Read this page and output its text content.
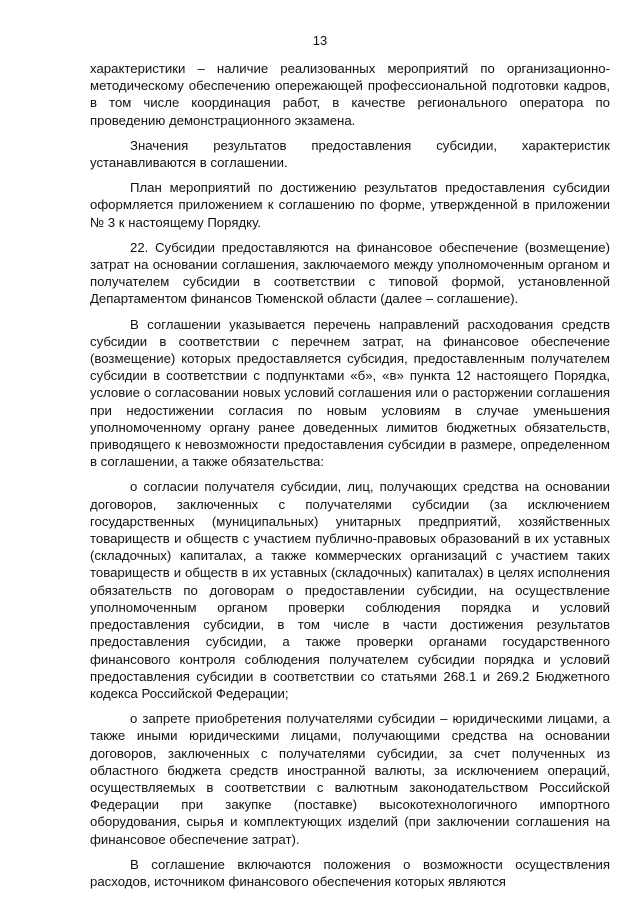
13

характеристики – наличие реализованных мероприятий по организационно-методическому обеспечению опережающей профессиональной подготовки кадров, в том числе координация работ, в качестве регионального оператора по проведению демонстрационного экзамена.

Значения результатов предоставления субсидии, характеристик устанавливаются в соглашении.

План мероприятий по достижению результатов предоставления субсидии оформляется приложением к соглашению по форме, утвержденной в приложении № 3 к настоящему Порядку.

22. Субсидии предоставляются на финансовое обеспечение (возмещение) затрат на основании соглашения, заключаемого между уполномоченным органом и получателем субсидии в соответствии с типовой формой, установленной Департаментом финансов Тюменской области (далее – соглашение).

В соглашении указывается перечень направлений расходования средств субсидии в соответствии с перечнем затрат, на финансовое обеспечение (возмещение) которых предоставляется субсидия, предоставленным получателем субсидии в соответствии с подпунктами «б», «в» пункта 12 настоящего Порядка, условие о согласовании новых условий соглашения или о расторжении соглашения при недостижении согласия по новым условиям в случае уменьшения уполномоченному органу ранее доведенных лимитов бюджетных обязательств, приводящего к невозможности предоставления субсидии в размере, определенном в соглашении, а также обязательства:

о согласии получателя субсидии, лиц, получающих средства на основании договоров, заключенных с получателями субсидии (за исключением государственных (муниципальных) унитарных предприятий, хозяйственных товариществ и обществ с участием публично-правовых образований в их уставных (складочных) капиталах, а также коммерческих организаций с участием таких товариществ и обществ в их уставных (складочных) капиталах) в целях исполнения обязательств по договорам о предоставлении субсидии, на осуществление уполномоченным органом проверки соблюдения порядка и условий предоставления субсидии, в том числе в части достижения результатов предоставления субсидии, а также проверки органами государственного финансового контроля соблюдения получателем субсидии порядка и условий предоставления субсидии в соответствии со статьями 268.1 и 269.2 Бюджетного кодекса Российской Федерации;

о запрете приобретения получателями субсидии – юридическими лицами, а также иными юридическими лицами, получающими средства на основании договоров, заключенных с получателями субсидии, за счет полученных из областного бюджета средств иностранной валюты, за исключением операций, осуществляемых в соответствии с валютным законодательством Российской Федерации при закупке (поставке) высокотехнологичного импортного оборудования, сырья и комплектующих изделий (при заключении соглашения на финансовое обеспечение затрат).

В соглашение включаются положения о возможности осуществления расходов, источником финансового обеспечения которых являются
